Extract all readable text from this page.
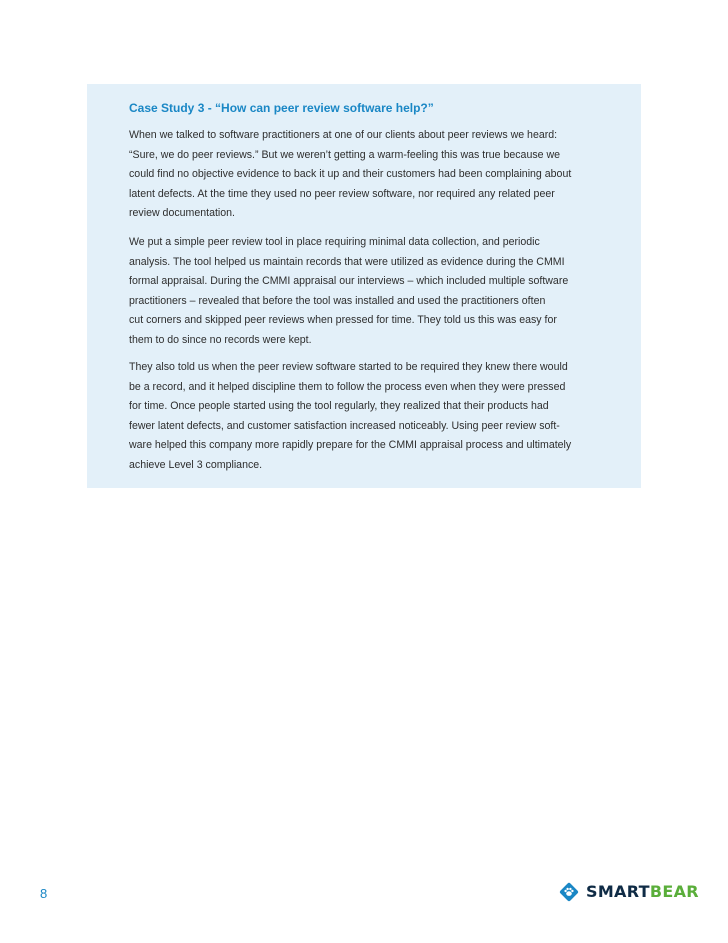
Case Study 3 - “How can peer review software help?”

When we talked to software practitioners at one of our clients about peer reviews we heard:
“Sure, we do peer reviews.” But we weren’t getting a warm-feeling this was true because we
could find no objective evidence to back it up and their customers had been complaining about
latent defects. At the time they used no peer review software, nor required any related peer
review documentation.

We put a simple peer review tool in place requiring minimal data collection, and periodic
analysis. The tool helped us maintain records that were utilized as evidence during the CMMI
formal appraisal. During the CMMI appraisal our interviews – which included multiple software
practitioners – revealed that before the tool was installed and used the practitioners often
cut corners and skipped peer reviews when pressed for time. They told us this was easy for
them to do since no records were kept.

They also told us when the peer review software started to be required they knew there would
be a record, and it helped discipline them to follow the process even when they were pressed
for time. Once people started using the tool regularly, they realized that their products had
fewer latent defects, and customer satisfaction increased noticeably. Using peer review soft-
ware helped this company more rapidly prepare for the CMMI appraisal process and ultimately
achieve Level 3 compliance.

8	SMARTBEAR
